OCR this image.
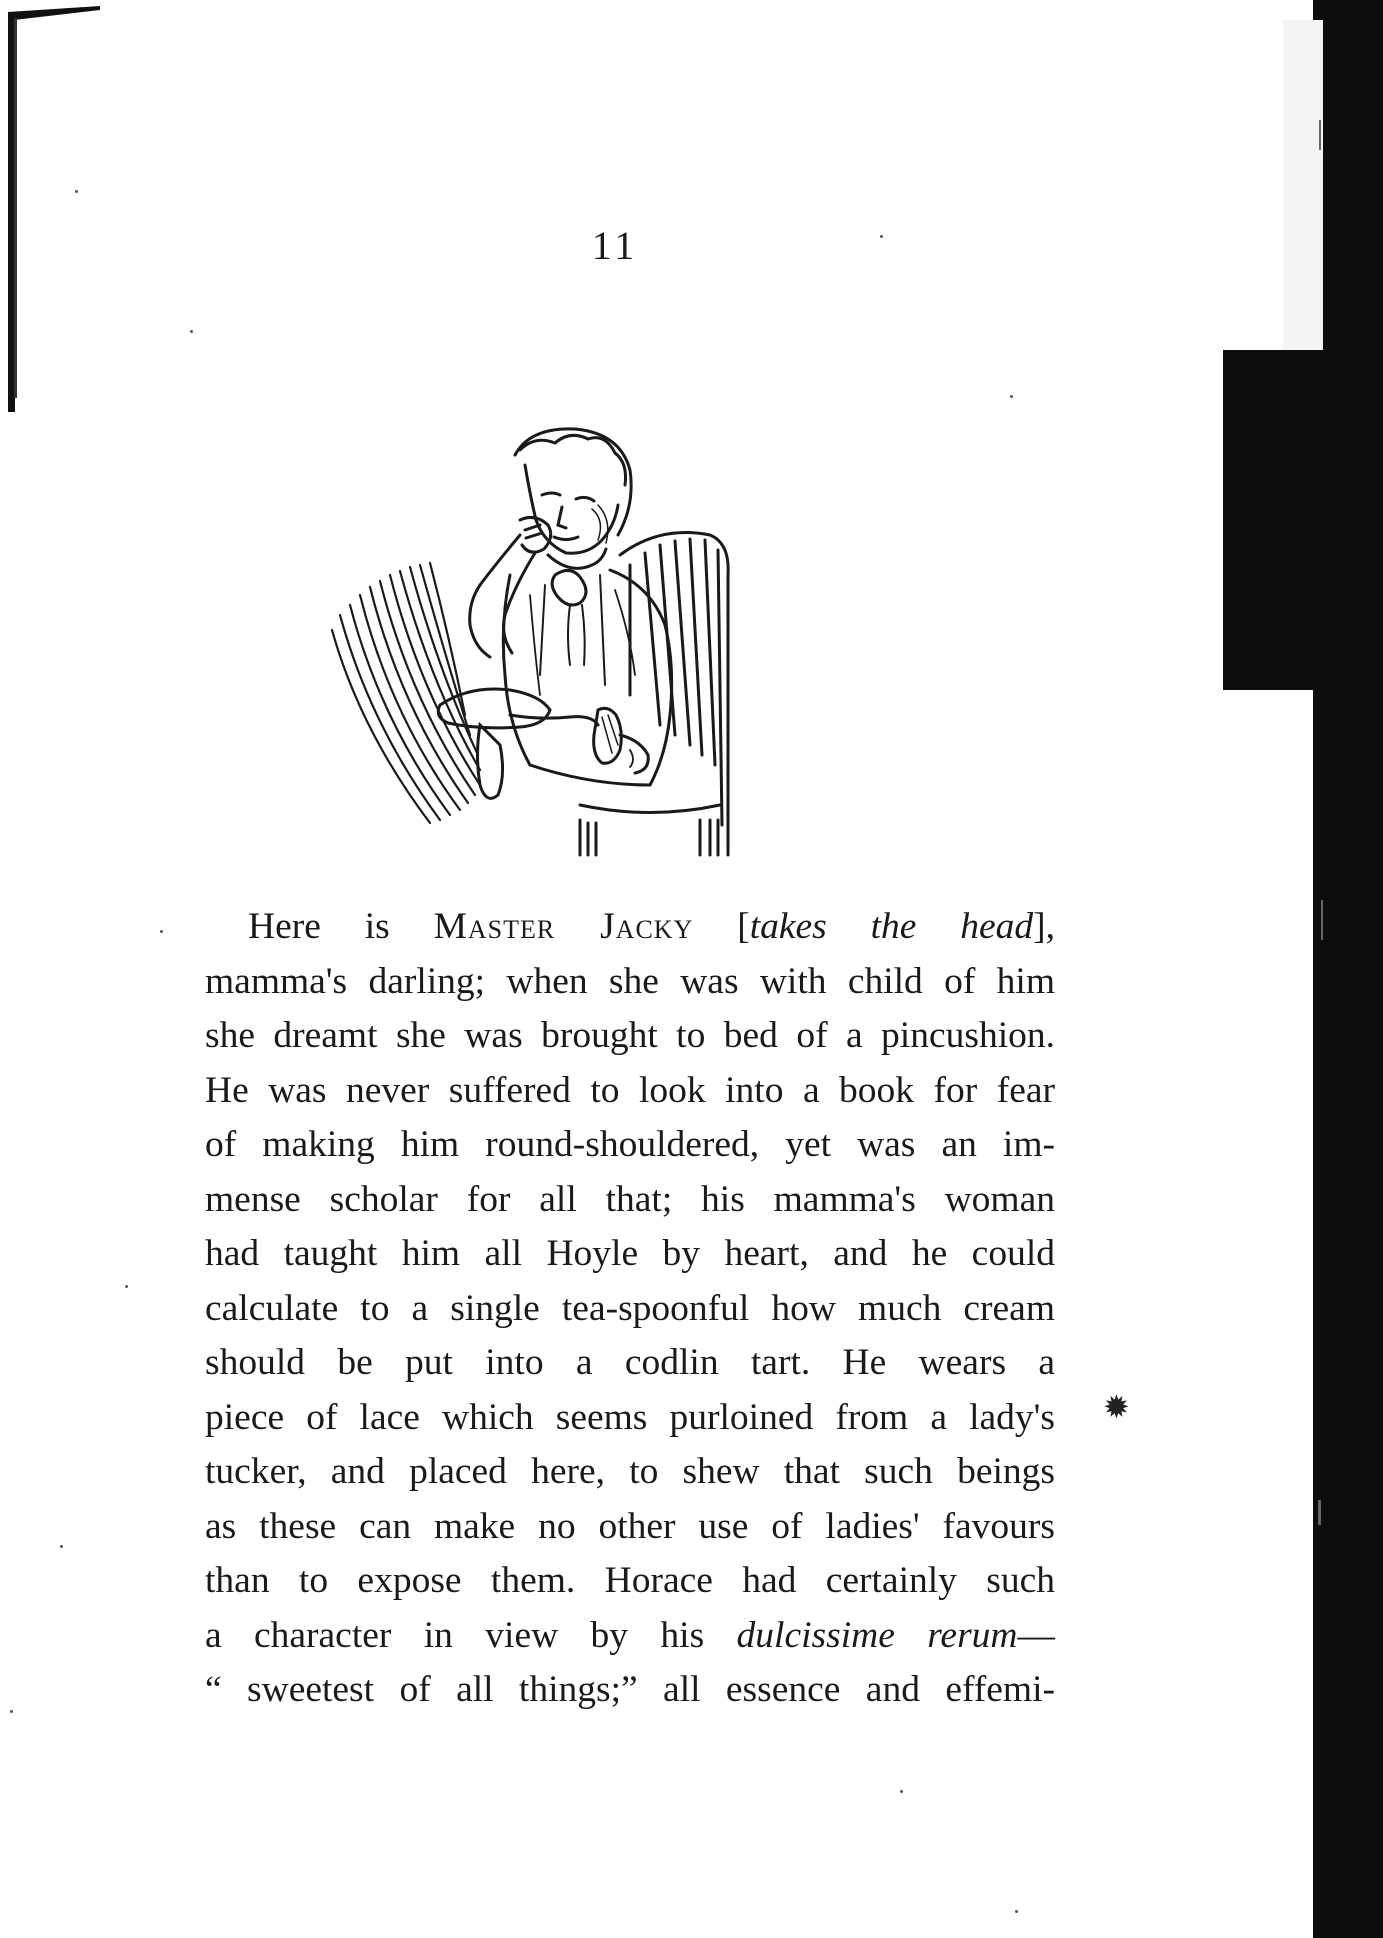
11
Here is Master Jacky [takes the head],
mamma's darling; when she was with child of him
she dreamt she was brought to bed of a pincushion.
He was never suffered to look into a book for fear
of making him round-shouldered, yet was an im-
mense scholar for all that; his mamma's woman
had taught him all Hoyle by heart, and he could
calculate to a single tea-spoonful how much cream
should be put into a codlin tart. He wears a
piece of lace which seems purloined from a lady's
tucker, and placed here, to shew that such beings
as these can make no other use of ladies' favours
than to expose them. Horace had certainly such
a character in view by his dulcissime rerum—
“ sweetest of all things;” all essence and effemi-
✹
